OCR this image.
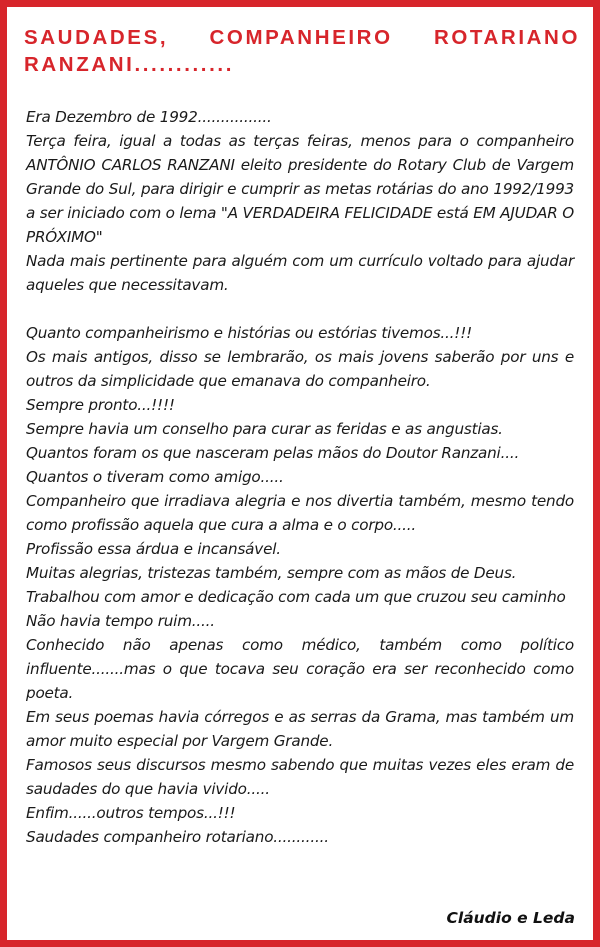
SAUDADES, COMPANHEIRO ROTARIANO RANZANI............

Era Dezembro de 1992................

Terça feira, igual a todas as terças feiras, menos para o companheiro ANTÔNIO CARLOS RANZANI eleito presidente do Rotary Club de Vargem Grande do Sul, para dirigir e cumprir as metas rotárias do ano 1992/1993 a ser iniciado com o lema "A VERDADEIRA FELICIDADE está EM AJUDAR O PRÓXIMO"

Nada mais pertinente para alguém com um currículo voltado para ajudar aqueles que necessitavam.

Quanto companheirismo e histórias ou estórias tivemos...!!!

Os mais antigos, disso se lembrarão, os mais jovens saberão por uns e outros da simplicidade que emanava do companheiro.

Sempre pronto...!!!!

Sempre havia um conselho para curar as feridas e as angustias.

Quantos foram os que nasceram pelas mãos do Doutor Ranzani....

Quantos o tiveram como amigo.....

Companheiro que irradiava alegria e nos divertia também, mesmo tendo como profissão aquela que cura a alma e o corpo.....

Profissão essa árdua e incansável.

Muitas alegrias, tristezas também, sempre com as mãos de Deus.

Trabalhou com amor e dedicação com cada um que cruzou seu caminho

Não havia tempo ruim.....

Conhecido não apenas como médico, também como político influente.......mas o que tocava seu coração era ser reconhecido como poeta.

Em seus poemas havia córregos e as serras da Grama, mas também um amor muito especial por Vargem Grande.

Famosos seus discursos mesmo sabendo que muitas vezes eles eram de saudades do que havia vivido.....

Enfim......outros tempos...!!!

Saudades companheiro rotariano............

Cláudio e Leda
